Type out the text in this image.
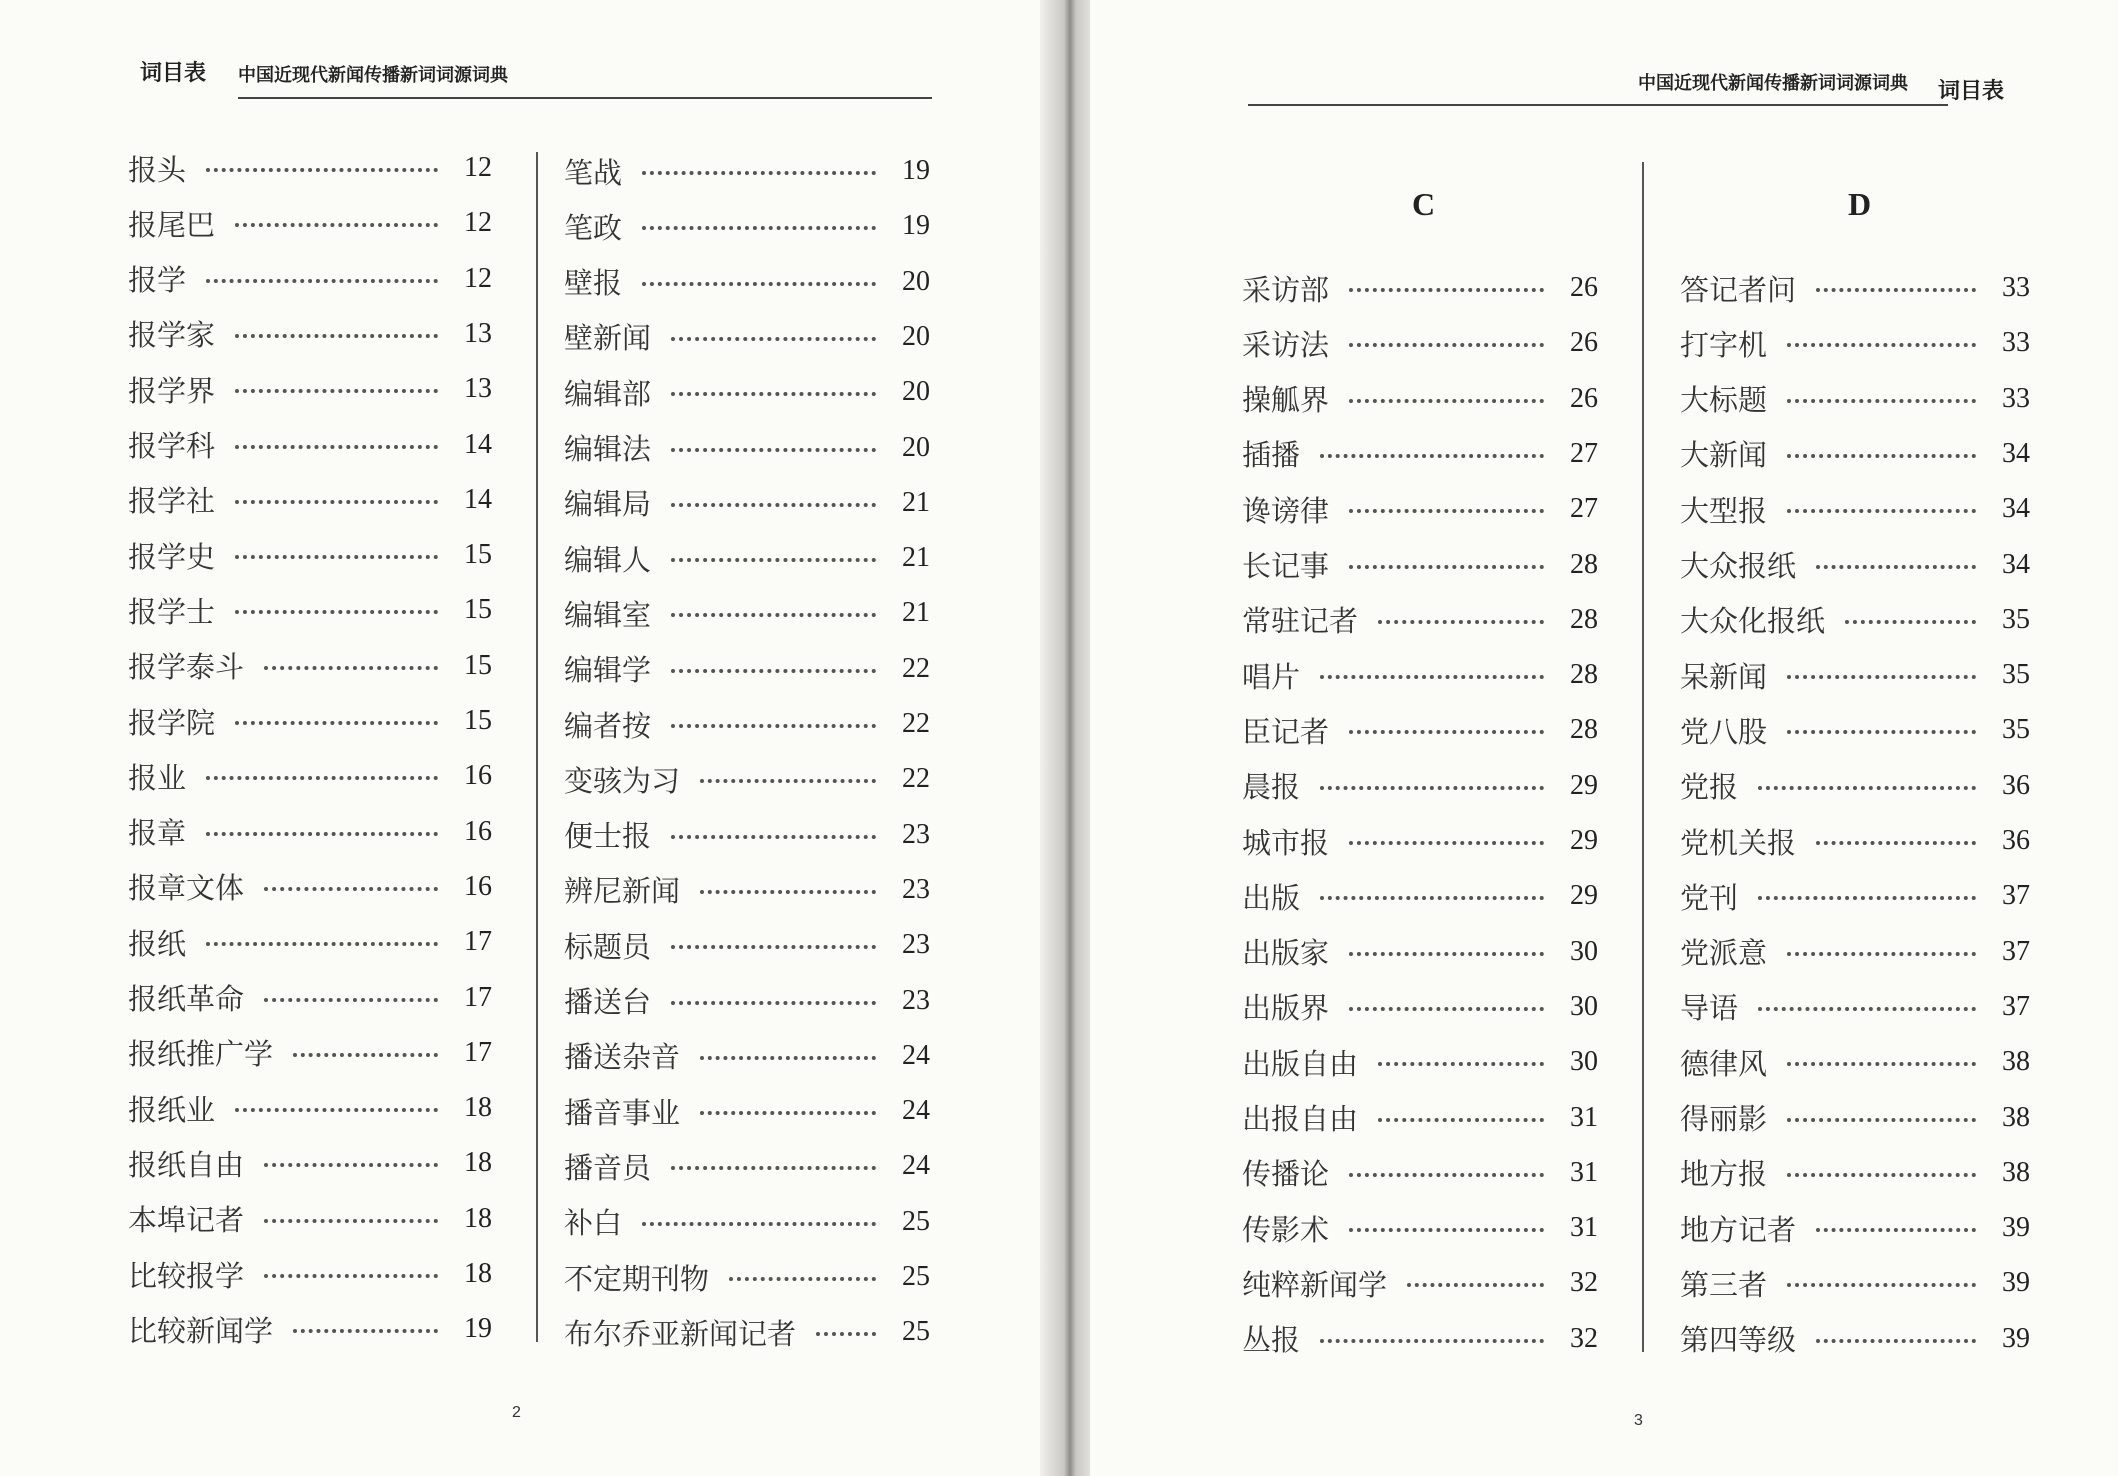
词目表 中国近现代新闻传播新词词源词典
报头	12
报尾巴	12
报学	12
报学家	13
报学界	13
报学科	14
报学社	14
报学史	15
报学士	15
报学泰斗	15
报学院	15
报业	16
报章	16
报章文体	16
报纸	17
报纸革命	17
报纸推广学	17
报纸业	18
报纸自由	18
本埠记者	18
比较报学	18
比较新闻学	19
笔战	19
笔政	19
壁报	20
壁新闻	20
编辑部	20
编辑法	20
编辑局	21
编辑人	21
编辑室	21
编辑学	22
编者按	22
变骇为习	22
便士报	23
辨尼新闻	23
标题员	23
播送台	23
播送杂音	24
播音事业	24
播音员	24
补白	25
不定期刊物	25
布尔乔亚新闻记者	25
2
中国近现代新闻传播新词词源词典 词目表
C	D
采访部	26
采访法	26
操觚界	26
插播	27
谗谤律	27
长记事	28
常驻记者	28
唱片	28
臣记者	28
晨报	29
城市报	29
出版	29
出版家	30
出版界	30
出版自由	30
出报自由	31
传播论	31
传影术	31
纯粹新闻学	32
丛报	32
答记者问	33
打字机	33
大标题	33
大新闻	34
大型报	34
大众报纸	34
大众化报纸	35
呆新闻	35
党八股	35
党报	36
党机关报	36
党刊	37
党派意	37
导语	37
德律风	38
得丽影	38
地方报	38
地方记者	39
第三者	39
第四等级	39
3
